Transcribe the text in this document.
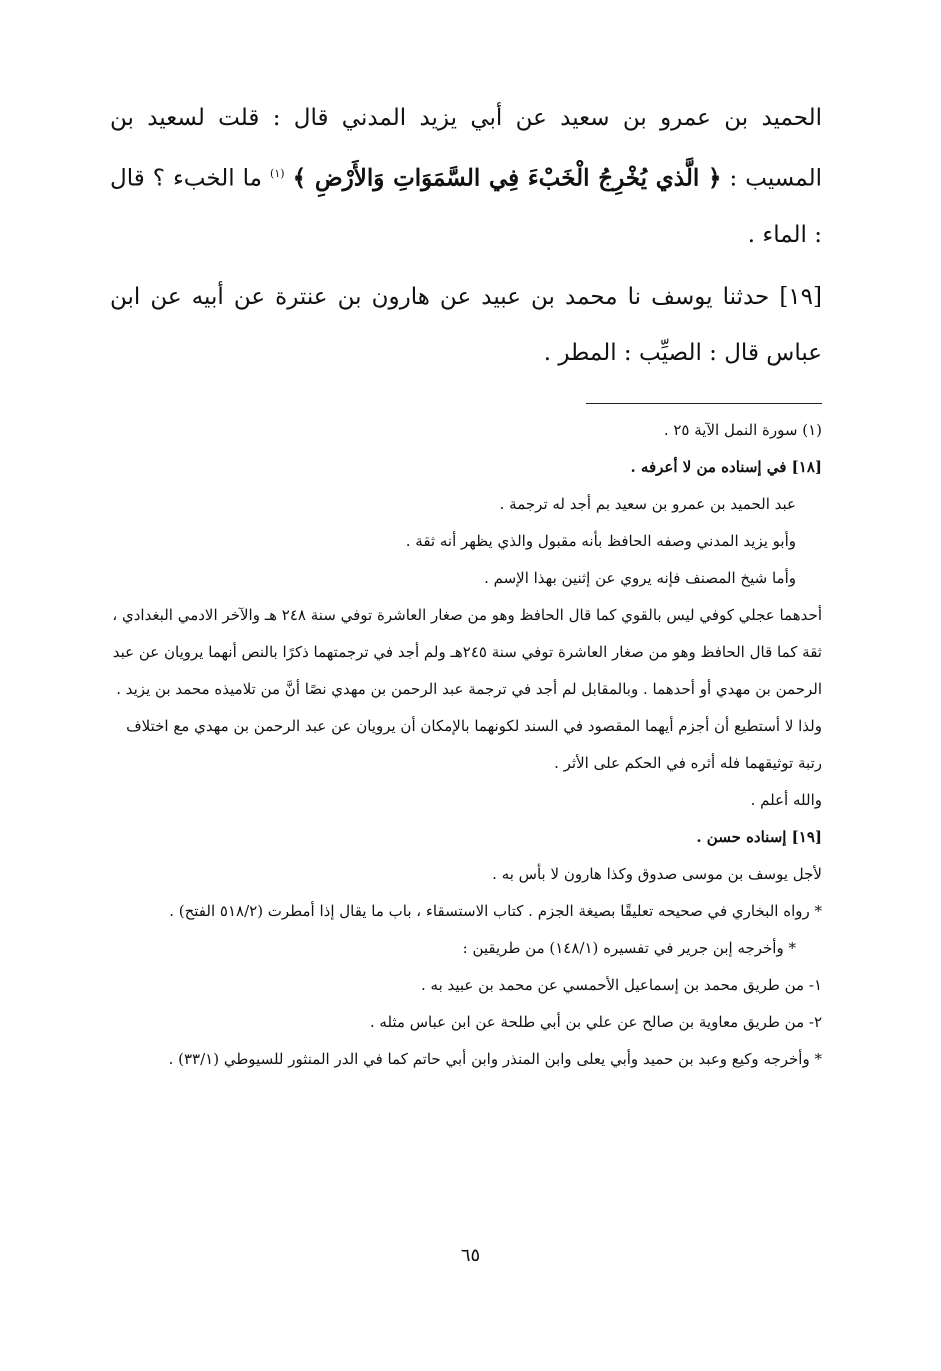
الحميد بن عمرو بن سعيد عن أبي يزيد المدني قال : قلت لسعيد بن المسيب : ﴿ الَّذي يُخْرِجُ الْخَبْءَ فِي السَّمَوَاتِ وَالأَرْضِ ﴾ $^{(١)}$ ما الخبء ؟ قال : الماء .

[١٩] حدثنا يوسف نا محمد بن عبيد عن هارون بن عنترة عن أبيه عن ابن عباس قال : الصيِّب : المطر .

(١) سورة النمل الآية ٢٥ .

[١٨] في إسناده من لا أعرفه .

عبد الحميد بن عمرو بن سعيد بم أجد له ترجمة .

وأبو يزيد المدني وصفه الحافظ بأنه مقبول والذي يظهر أنه ثقة .

وأما شيخ المصنف فإنه يروي عن إثنين بهذا الإسم .

أحدهما عجلي كوفي ليس بالقوي كما قال الحافظ وهو من صغار العاشرة توفي سنة ٢٤٨ هـ والآخر الادمي البغدادي ، ثقة كما قال الحافظ وهو من صغار العاشرة توفي سنة ٢٤٥هـ ولم أجد في ترجمتهما ذكرًا بالنص أنهما يرويان عن عبد الرحمن بن مهدي أو أحدهما . وبالمقابل لم أجد في ترجمة عبد الرحمن بن مهدي نصًا أنَّ من تلاميذه محمد بن يزيد . ولذا لا أستطيع أن أجزم أيهما المقصود في السند لكونهما بالإمكان أن يرويان عن عبد الرحمن بن مهدي مع اختلاف رتبة توثيقهما فله أثره في الحكم على الأثر .

والله أعلم .

[١٩] إسناده حسن .

لأجل يوسف بن موسى صدوق وكذا هارون لا بأس به .

* رواه البخاري في صحيحه تعليقًا بصيغة الجزم . كتاب الاستسقاء ، باب ما يقال إذا أمطرت (٥١٨/٢ الفتح) .

* وأخرجه إبن جرير في تفسيره (١٤٨/١) من طريقين :

١- من طريق محمد بن إسماعيل الأحمسي عن محمد بن عبيد به .

٢- من طريق معاوية بن صالح عن علي بن أبي طلحة عن ابن عباس مثله .

* وأخرجه وكيع وعبد بن حميد وأبي يعلى وابن المنذر وابن أبي حاتم كما في الدر المنثور للسيوطي (٣٣/١) .

٦٥
